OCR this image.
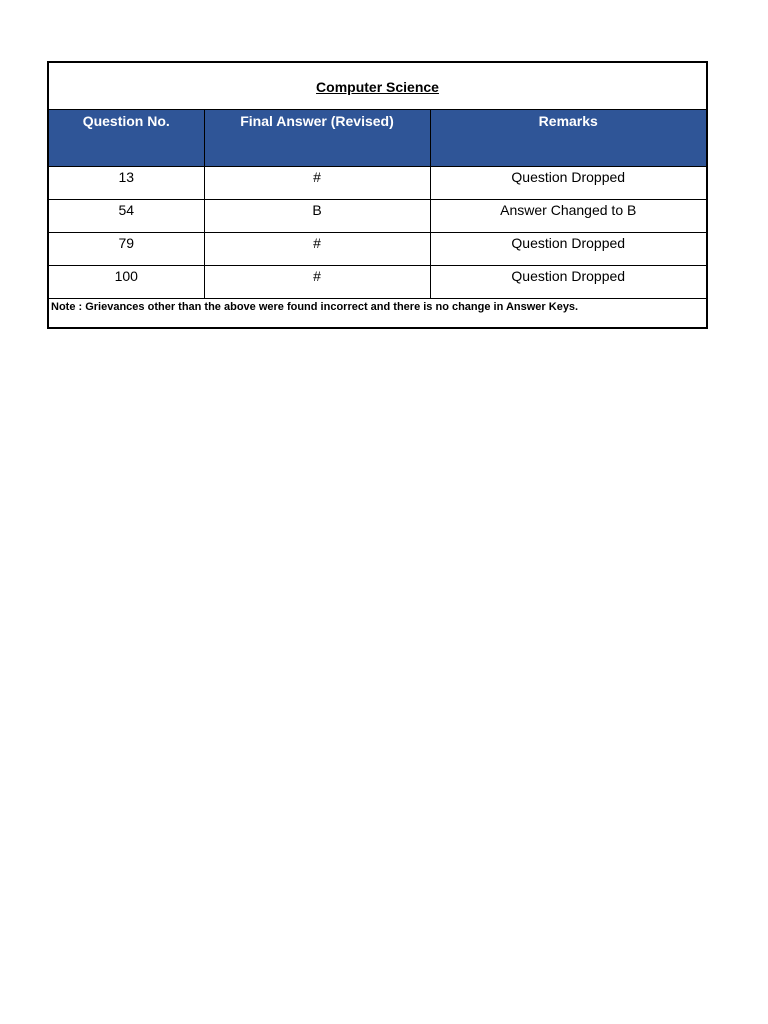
Computer Science
Question No.	Final Answer (Revised)	Remarks
13	#	Question Dropped
54	B	Answer Changed to B
79	#	Question Dropped
100	#	Question Dropped
Note : Grievances other than the above were found incorrect and there is no change in Answer Keys.
